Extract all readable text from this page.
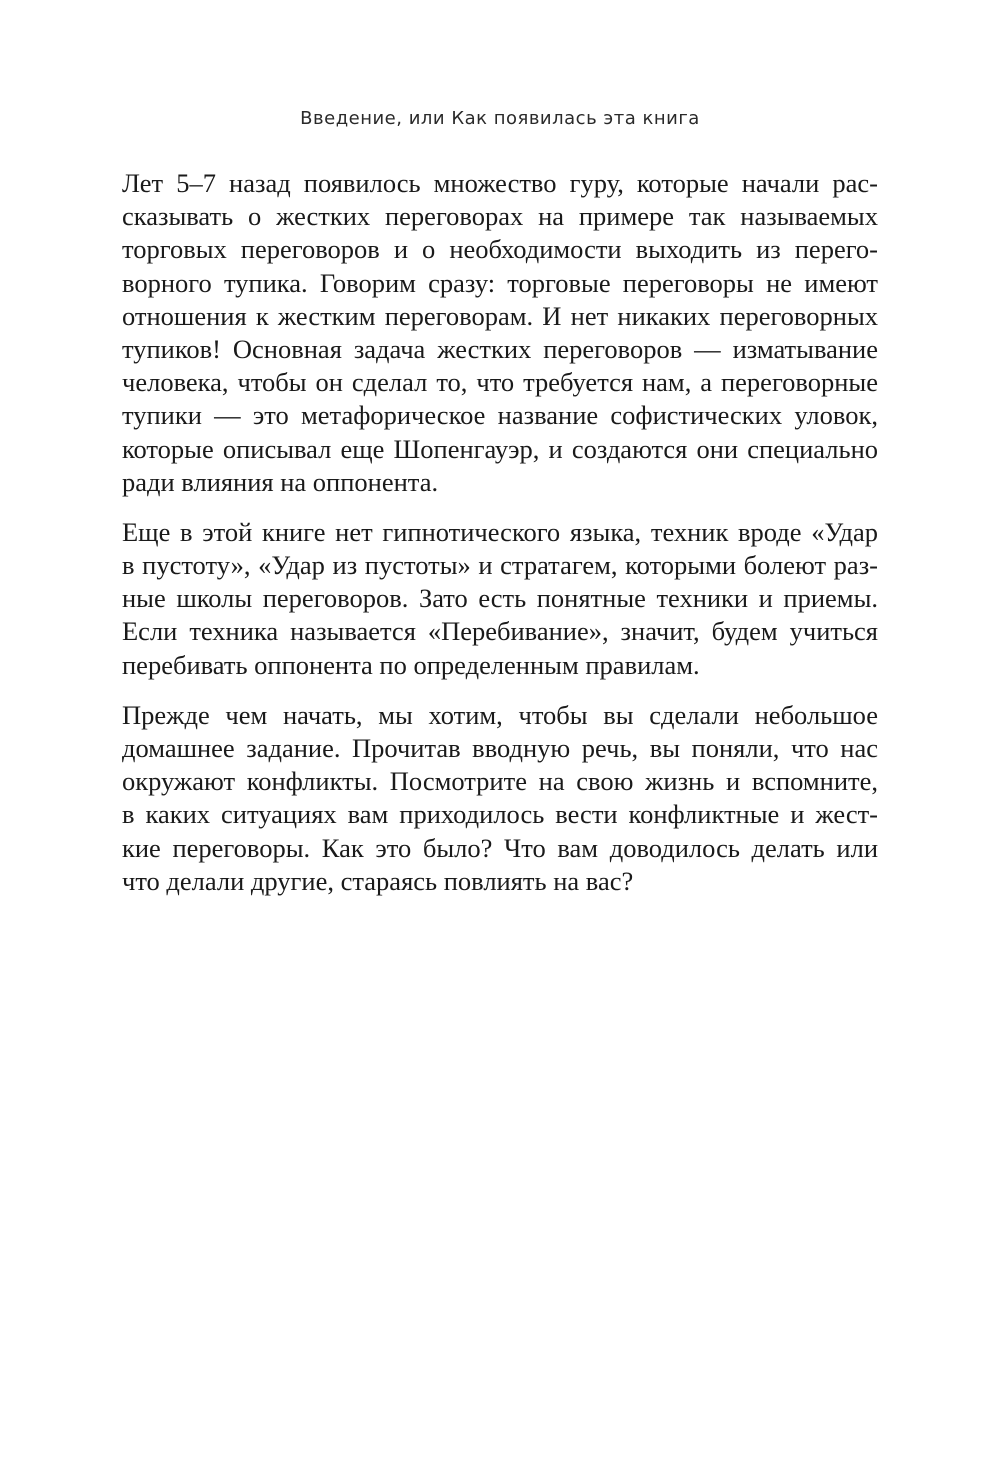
Введение, или Как появилась эта книга

Лет 5–7 назад появилось множество гуру, которые начали рас-
сказывать о жестких переговорах на примере так называемых
торговых переговоров и о необходимости выходить из перего-
ворного тупика. Говорим сразу: торговые переговоры не имеют
отношения к жестким переговорам. И нет никаких переговорных
тупиков! Основная задача жестких переговоров — изматывание
человека, чтобы он сделал то, что требуется нам, а переговорные
тупики — это метафорическое название софистических уловок,
которые описывал еще Шопенгауэр, и создаются они специально
ради влияния на оппонента.

Еще в этой книге нет гипнотического языка, техник вроде «Удар
в пустоту», «Удар из пустоты» и стратагем, которыми болеют раз-
ные школы переговоров. Зато есть понятные техники и приемы.
Если техника называется «Перебивание», значит, будем учиться
перебивать оппонента по определенным правилам.

Прежде чем начать, мы хотим, чтобы вы сделали небольшое
домашнее задание. Прочитав вводную речь, вы поняли, что нас
окружают конфликты. Посмотрите на свою жизнь и вспомните,
в каких ситуациях вам приходилось вести конфликтные и жест-
кие переговоры. Как это было? Что вам доводилось делать или
что делали другие, стараясь повлиять на вас?
